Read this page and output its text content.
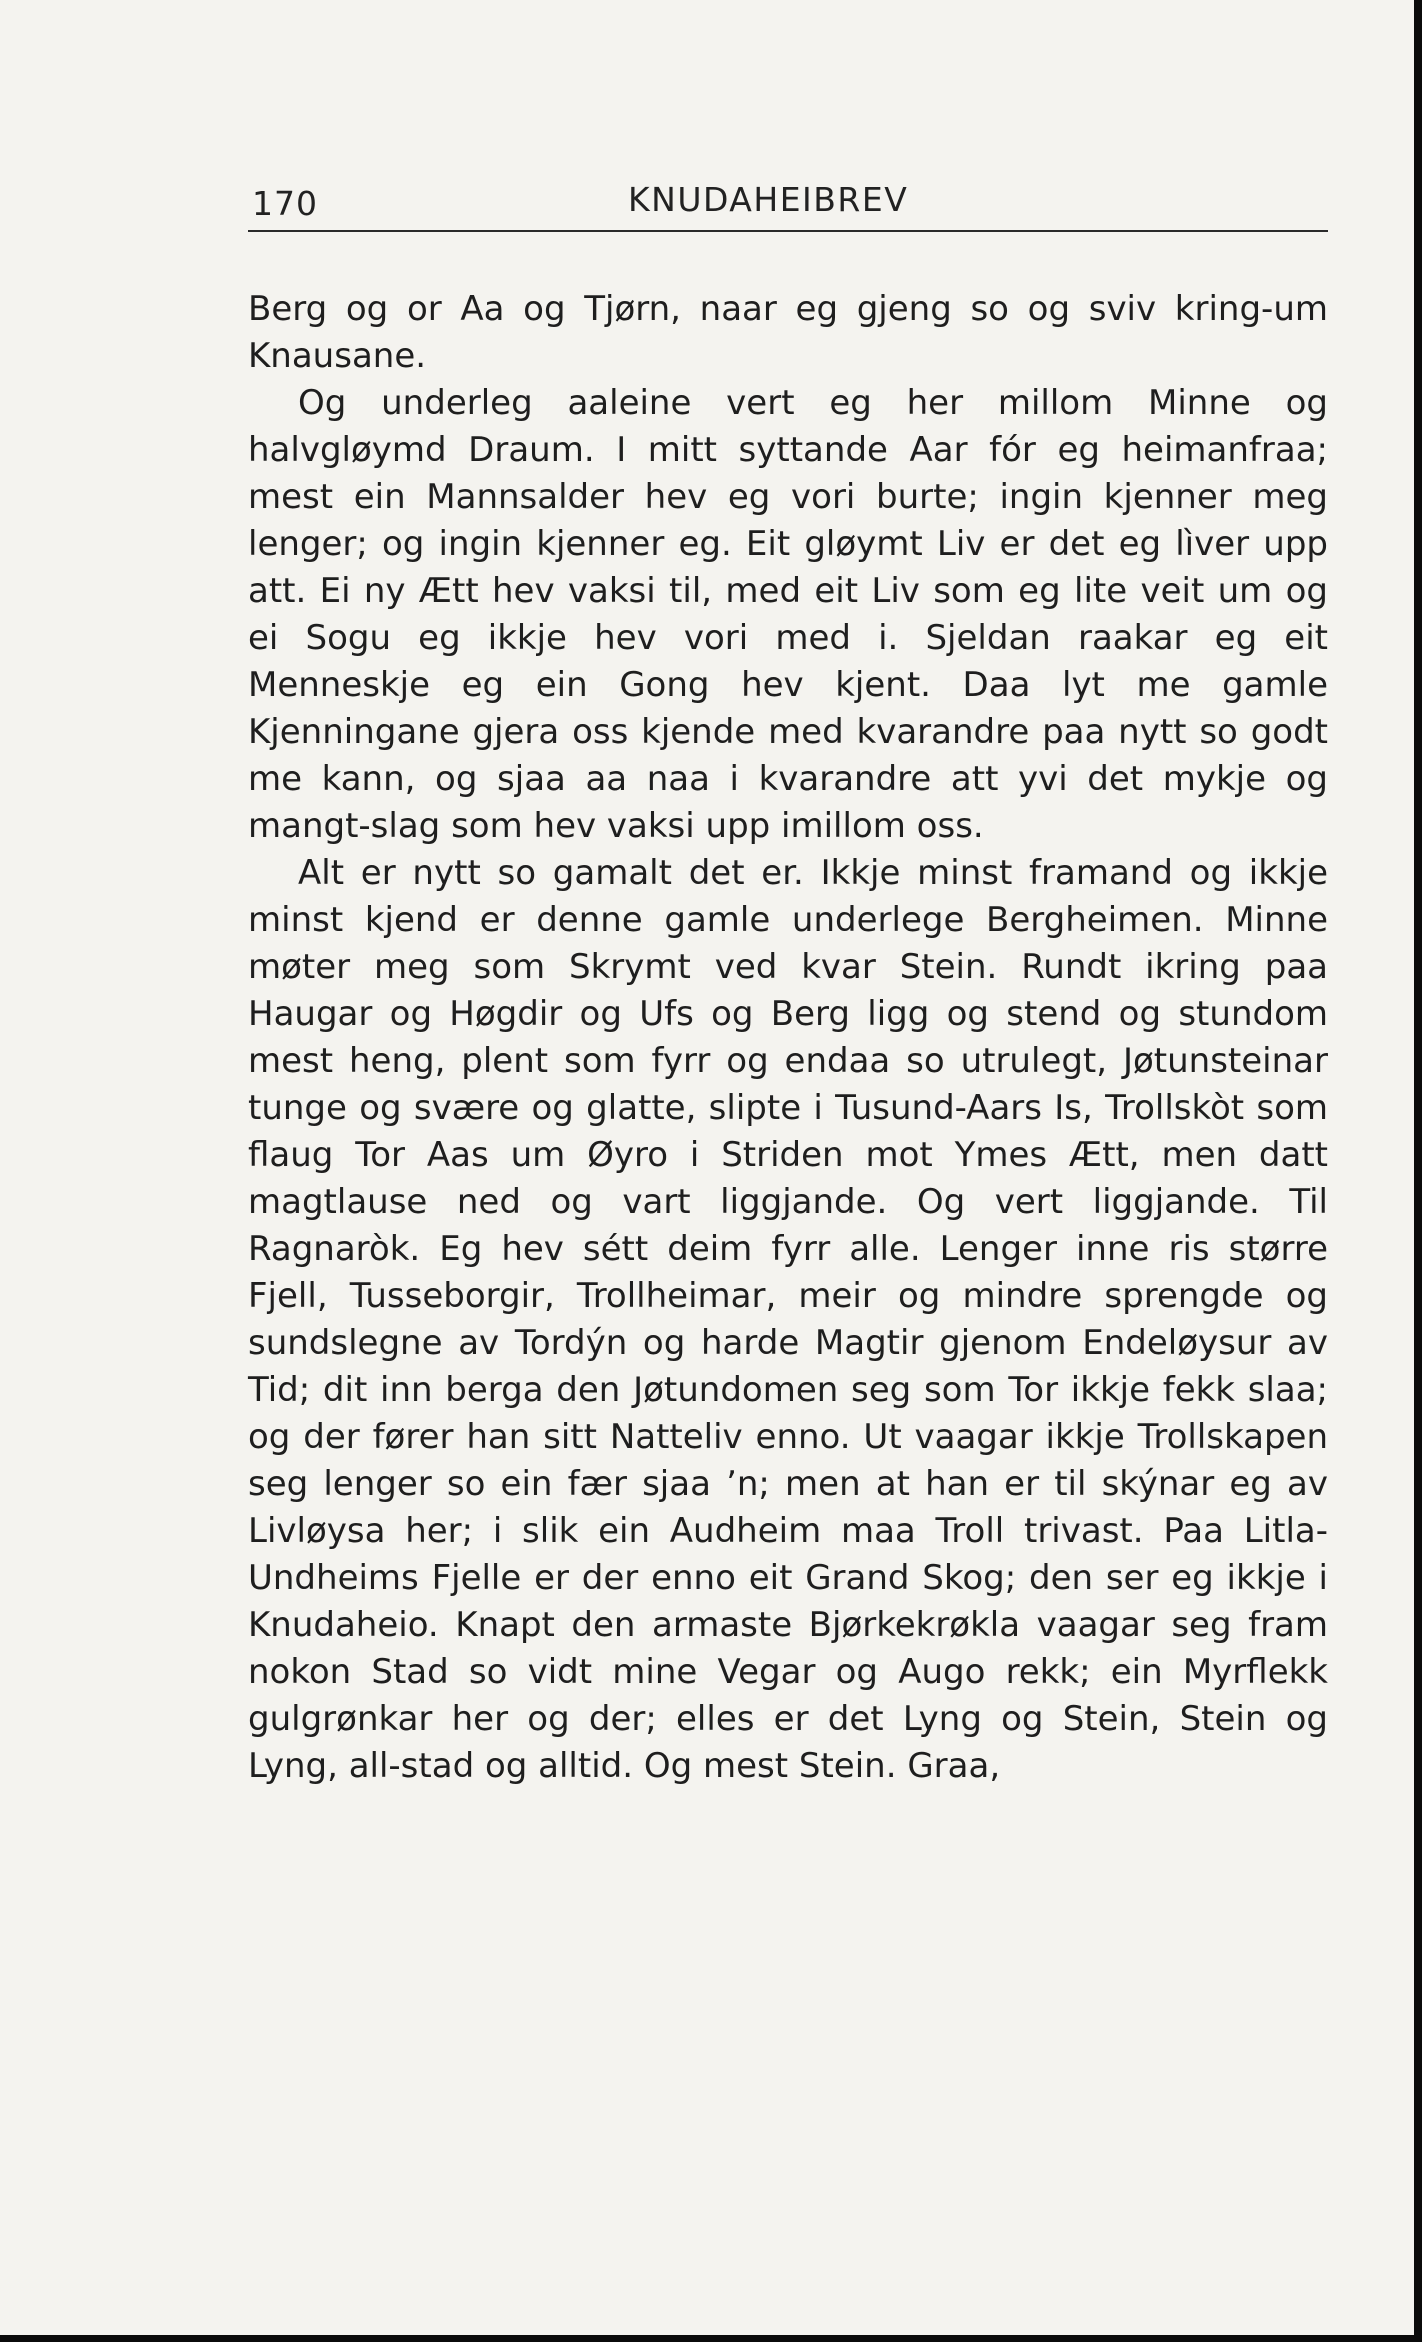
170	KNUDAHEIBREV

Berg og or Aa og Tjørn, naar eg gjeng so og sviv kring-um Knausane.

Og underleg aaleine vert eg her millom Minne og halvgløymd Draum. I mitt syttande Aar fór eg heimanfraa; mest ein Mannsalder hev eg vori burte; ingin kjenner meg lenger; og ingin kjenner eg. Eit gløymt Liv er det eg lìver upp att. Ei ny Ætt hev vaksi til, med eit Liv som eg lite veit um og ei Sogu eg ikkje hev vori med i. Sjeldan raakar eg eit Menneskje eg ein Gong hev kjent. Daa lyt me gamle Kjenningane gjera oss kjende med kvarandre paa nytt so godt me kann, og sjaa aa naa i kvarandre att yvi det mykje og mangt-slag som hev vaksi upp imillom oss.

Alt er nytt so gamalt det er. Ikkje minst framand og ikkje minst kjend er denne gamle underlege Bergheimen. Minne møter meg som Skrymt ved kvar Stein. Rundt ikring paa Haugar og Høgdir og Ufs og Berg ligg og stend og stundom mest heng, plent som fyrr og endaa so utrulegt, Jøtunsteinar tunge og svære og glatte, slipte i Tusund-Aars Is, Trollskòt som flaug Tor Aas um Øyro i Striden mot Ymes Ætt, men datt magtlause ned og vart liggjande. Og vert liggjande. Til Ragnaròk. Eg hev sétt deim fyrr alle. Lenger inne ris større Fjell, Tusseborgir, Trollheimar, meir og mindre sprengde og sundslegne av Tordýn og harde Magtir gjenom Endeløysur av Tid; dit inn berga den Jøtundomen seg som Tor ikkje fekk slaa; og der fører han sitt Natteliv enno. Ut vaagar ikkje Trollskapen seg lenger so ein fær sjaa ’n; men at han er til skýnar eg av Livløysa her; i slik ein Audheim maa Troll trivast. Paa Litla-Undheims Fjelle er der enno eit Grand Skog; den ser eg ikkje i Knudaheio. Knapt den armaste Bjørkekrøkla vaagar seg fram nokon Stad so vidt mine Vegar og Augo rekk; ein Myrflekk gulgrønkar her og der; elles er det Lyng og Stein, Stein og Lyng, all-stad og alltid. Og mest Stein. Graa,
